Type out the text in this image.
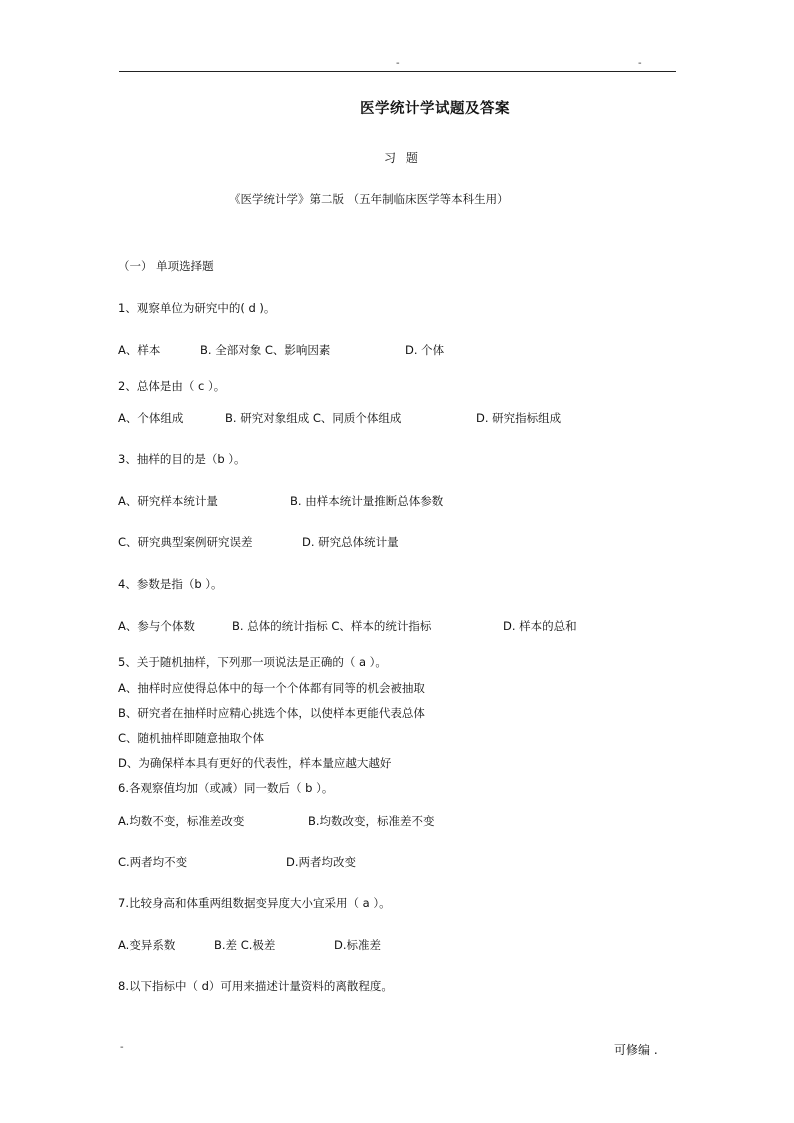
-	-
医学统计学试题及答案
习 题
《医学统计学》第二版 （五年制临床医学等本科生用）
（一） 单项选择题
1、观察单位为研究中的( d )。
A、样本	B. 全部对象 C、影响因素	D. 个体
2、总体是由（ c ）。
A、个体组成	B. 研究对象组成 C、同质个体组成	D. 研究指标组成
3、抽样的目的是（b ）。
A、研究样本统计量	B. 由样本统计量推断总体参数
C、研究典型案例研究误差	D. 研究总体统计量
4、参数是指（b ）。
A、参与个体数	B. 总体的统计指标 C、样本的统计指标	D. 样本的总和
5、关于随机抽样，下列那一项说法是正确的（ a ）。
A、抽样时应使得总体中的每一个个体都有同等的机会被抽取
B、研究者在抽样时应精心挑选个体，以使样本更能代表总体
C、随机抽样即随意抽取个体
D、为确保样本具有更好的代表性，样本量应越大越好
6.各观察值均加（或减）同一数后（ b ）。
A.均数不变，标准差改变	B.均数改变，标准差不变
C.两者均不变	D.两者均改变
7.比较身高和体重两组数据变异度大小宜采用（ a ）。
A.变异系数	B.差 C.极差	D.标准差
8.以下指标中（ d）可用来描述计量资料的离散程度。
-	可修编 .
